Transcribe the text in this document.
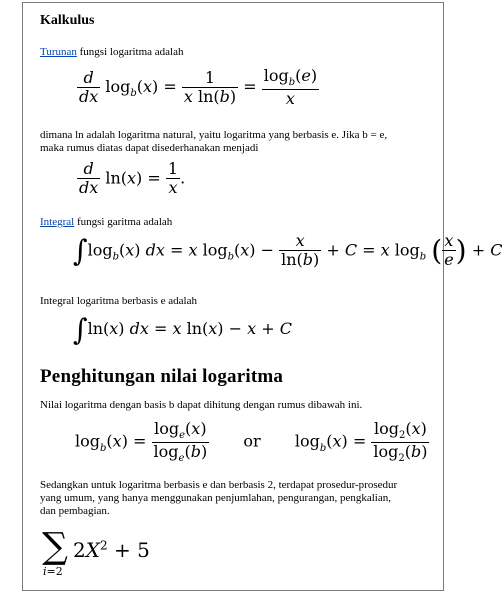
Kalkulus
Turunan fungsi logaritma adalah
$\frac{d}{dx} \log_b(x) = \frac{1}{\text{x ln(b)}} = \frac{\log_b(e)}{x}$
dimana ln adalah logaritma natural, yaitu logaritma yang berbasis e. Jika b = e,
maka rumus diatas dapat disederhanakan menjadi
$\frac{d}{dx} \ln(x) = \frac{1}{x}$ .
Integral fungsi garitma adalah
$\int\log_b(x)$ dx = x $\log_b(x) - \frac{x}{\ln(b)} + C = x$ $\log_b$ ( $\frac{x}{e}$ ) + C
Integral logaritma berbasis e adalah
∫ln(x) dx = x ln(x) − x + C
Penghitungan nilai logaritma
Nilai logaritma dengan basis b dapat dihitung dengan rumus dibawah ini.
$\log_b(x) = \frac{\log_e(x)}{\log_e(b)}$ or  $\log_b(x) = \frac{\log_2(x)}{\log_2(b)}$
Sedangkan untuk logaritma berbasis e dan berbasis 2, terdapat prosedur-prosedur
yang umum, yang hanya menggunakan penjumlahan, pengurangan, pengkalian,
dan pembagian.
∑
i=2
$2X^2 + 5$
